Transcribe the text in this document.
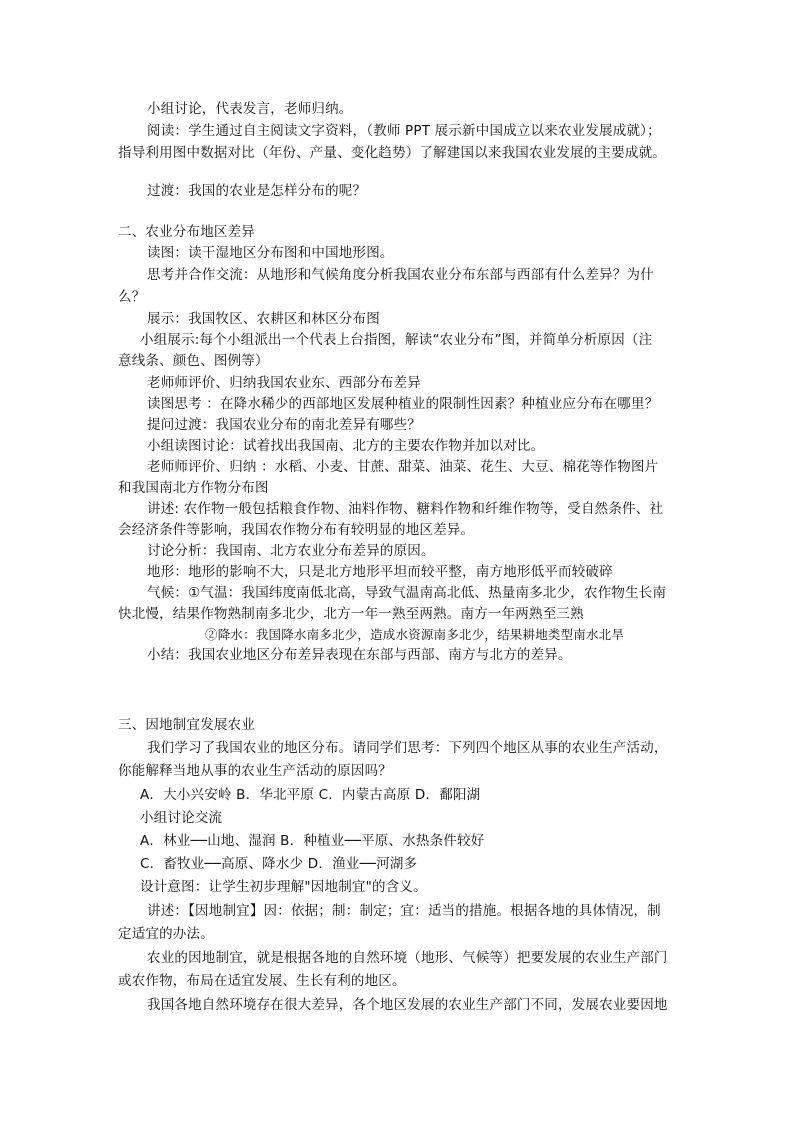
小组讨论，代表发言，老师归纳。
阅读：学生通过自主阅读文字资料，（教师 PPT 展示新中国成立以来农业发展成就）；
指导利用图中数据对比（年份、产量、变化趋势）了解建国以来我国农业发展的主要成就。
过渡：我国的农业是怎样分布的呢？
二、农业分布地区差异
读图：读干湿地区分布图和中国地形图。
思考并合作交流：从地形和气候角度分析我国农业分布东部与西部有什么差异？为什
么？
展示：我国牧区、农耕区和林区分布图
小组展示:每个小组派出一个代表上台指图，解读“农业分布”图，并简单分析原因（注
意线条、颜色、图例等）
老师师评价、归纳我国农业东、西部分布差异
读图思考 ：在降水稀少的西部地区发展种植业的限制性因素？种植业应分布在哪里？
提问过渡：我国农业分布的南北差异有哪些？
小组读图讨论：试着找出我国南、北方的主要农作物并加以对比。
老师师评价、归纳 ：水稻、小麦、甘蔗、甜菜、油菜、花生、大豆、棉花等作物图片
和我国南北方作物分布图
讲述: 农作物一般包括粮食作物、油料作物、糖料作物和纤维作物等，受自然条件、社
会经济条件等影响，我国农作物分布有较明显的地区差异。
讨论分析：我国南、北方农业分布差异的原因。
地形：地形的影响不大，只是北方地形平坦而较平整，南方地形低平而较破碎
气候：①气温：我国纬度南低北高，导致气温南高北低、热量南多北少，农作物生长南
快北慢，结果作物熟制南多北少，北方一年一熟至两熟。南方一年两熟至三熟
②降水：我国降水南多北少，造成水资源南多北少，结果耕地类型南水北旱
小结：我国农业地区分布差异表现在东部与西部、南方与北方的差异。
三、因地制宜发展农业
我们学习了我国农业的地区分布。请同学们思考：下列四个地区从事的农业生产活动，
你能解释当地从事的农业生产活动的原因吗？
A．大小兴安岭 B．华北平原 C．内蒙古高原 D．鄱阳湖
小组讨论交流
A．林业──山地、湿润 B．种植业──平原、水热条件较好
C．畜牧业──高原、降水少 D．渔业──河湖多
设计意图：让学生初步理解"因地制宜"的含义。
讲述：【因地制宜】因：依据；制：制定；宜：适当的措施。根据各地的具体情况，制
定适宜的办法。
农业的因地制宜，就是根据各地的自然环境（地形、气候等）把要发展的农业生产部门
或农作物，布局在适宜发展、生长有利的地区。
我国各地自然环境存在很大差异，各个地区发展的农业生产部门不同，发展农业要因地
